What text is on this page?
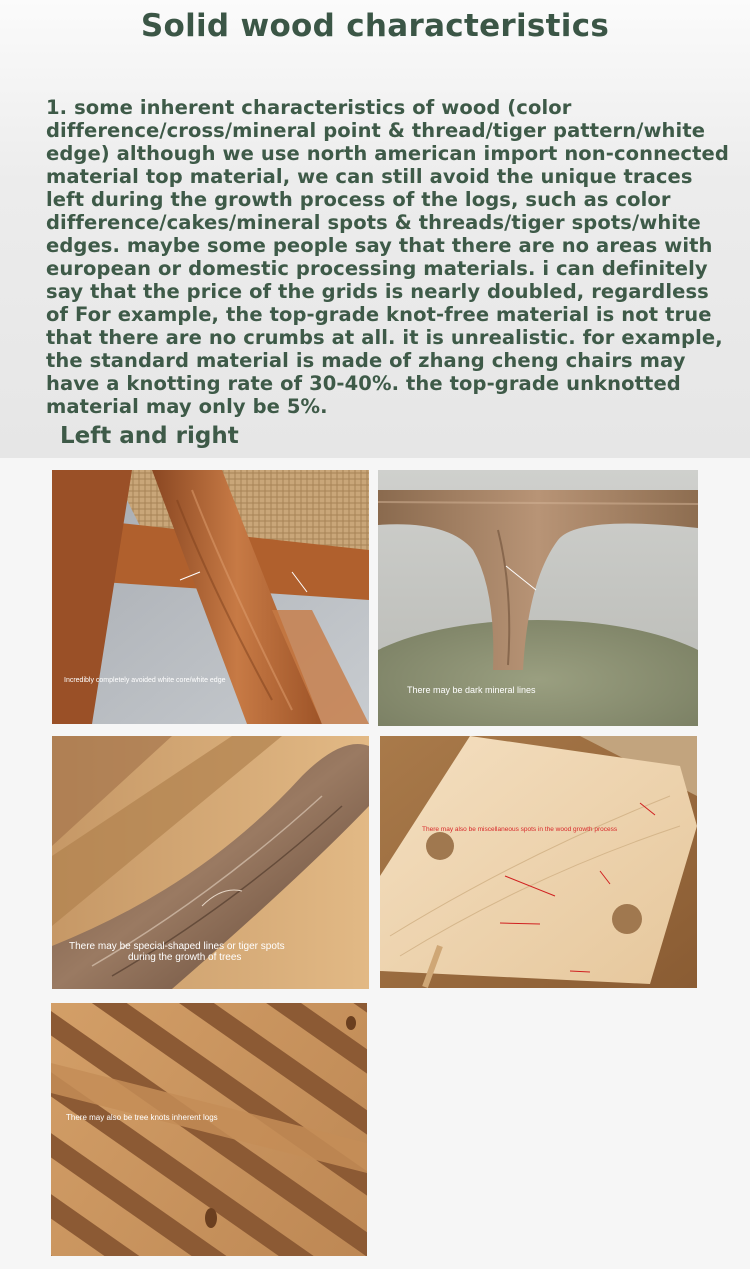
Solid wood characteristics
1. some inherent characteristics of wood (color difference/cross/mineral point & thread/tiger pattern/white edge) although we use north american import non-connected material top material, we can still avoid the unique traces left during the growth process of the logs, such as color difference/cakes/mineral spots & threads/tiger spots/white edges. maybe some people say that there are no areas with european or domestic processing materials. i can definitely say that the price of the grids is nearly doubled, regardless of For example, the top-grade knot-free material is not true that there are no crumbs at all. it is unrealistic. for example, the standard material is made of zhang cheng chairs may have a knotting rate of 30-40%. the top-grade unknotted material may only be 5%.
Left and right
Incredibly completely avoided white core/white edge
There may be dark mineral lines
There may be special-shaped lines or tiger spots
during the growth of trees
There may also be miscellaneous spots in the wood growth process
There may also be tree knots inherent logs
